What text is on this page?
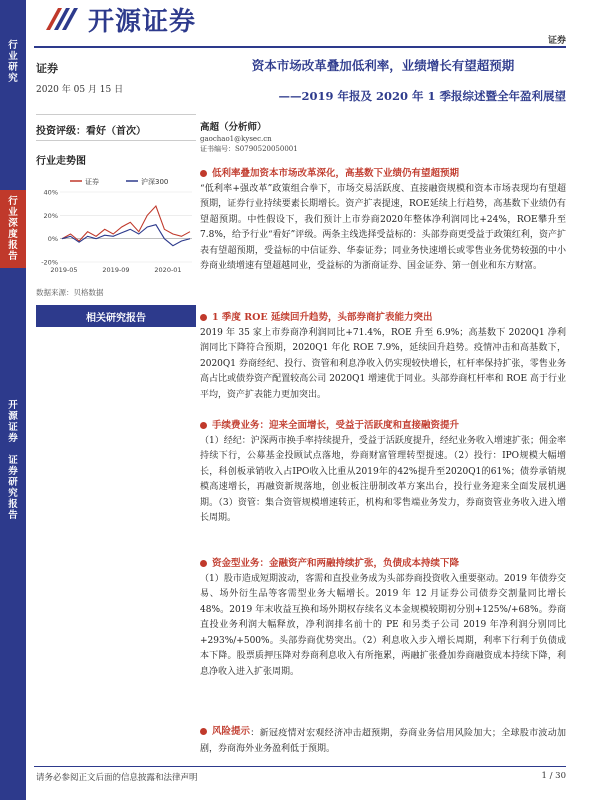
行
业
研
究
行
业
深
度
报
告
开
源
证
券

证
券
研
究
报
告
开源证券
证券
证券
2020 年 05 月 15 日
投资评级：看好（首次）
行业走势图
证券	沪深300
40%
20%
0%
-20%
2019-05	2019-09	2020-01
数据来源：贝格数据
相关研究报告
资本市场改革叠加低利率，业绩增长有望超预期
——2019 年报及 2020 年 1 季报综述暨全年盈利展望
高超（分析师）
gaochao1@kysec.cn
证书编号：S0790520050001
低利率叠加资本市场改革深化，高基数下业绩仍有望超预期
“低利率+强改革”政策组合拳下，市场交易活跃度、直接融资规模和资本市场表现均有望超预期，证券行业持续要素长期增长。资产扩表提速，ROE延续上行趋势，高基数下业绩仍有望超预期。中性假设下，我们预计上市券商2020年整体净利润同比+24%，ROE攀升至7.8%，给予行业“看好”评级。两条主线选择受益标的：头部券商更受益于政策红利，资产扩表有望超预期，受益标的中信证券、华泰证券；同业务快速增长或零售业务优势较强的中小券商业绩增速有望超越同业，受益标的为浙商证券、国金证券、第一创业和东方财富。
1 季度 ROE 延续回升趋势，头部券商扩表能力突出
2019 年 35 家上市券商净利润同比+71.4%，ROE 升至 6.9%；高基数下 2020Q1 净利润同比下降符合预期，2020Q1 年化 ROE 7.9%，延续回升趋势。疫情冲击和高基数下，2020Q1 券商经纪、投行、资管和利息净收入仍实现较快增长，杠杆率保持扩张，零售业务高占比或债券资产配置较高公司 2020Q1 增速优于同业。头部券商杠杆率和 ROE 高于行业平均，资产扩表能力更加突出。
手续费业务：迎来全面增长，受益于活跃度和直接融资提升
（1）经纪：沪深两市换手率持续提升，受益于活跃度提升，经纪业务收入增速扩张；佣金率持续下行，公募基金投顾试点落地，券商财富管理转型提速。（2）投行：IPO规模大幅增长，科创板承销收入占IPO收入比重从2019年的42%提升至2020Q1的61%；债券承销规模高速增长，再融资新规落地，创业板注册制改革方案出台，投行业务迎来全面发展机遇期。（3）资管：集合资管规模增速转正，机构和零售端业务发力，券商资管业务收入进入增长周期。
资金型业务：金融资产和两融持续扩张，负债成本持续下降
（1）股市造成短期波动，客需和直投业务成为头部券商投资收入重要驱动。2019 年债券交易、场外衍生品等客需型业务大幅增长。2019 年 12 月证券公司债券交割量同比增长 48%。2019 年末收益互换和场外期权存续名义本金规模较期初分别+125%/+68%。券商直投业务利润大幅释放，净利润排名前十的 PE 和另类子公司 2019 年净利润分别同比+293%/+500%。头部券商优势突出。（2）利息收入步入增长周期，利率下行利于负债成本下降。股票质押压降对券商利息收入有所拖累，两融扩张叠加券商融资成本持续下降，利息净收入进入扩张周期。
风险提示 ：新冠疫情对宏观经济冲击超预期，券商业务信用风险加大；全球股市波动加剧，券商海外业务盈利低于预期。
请务必参阅正文后面的信息披露和法律声明	1 / 30
